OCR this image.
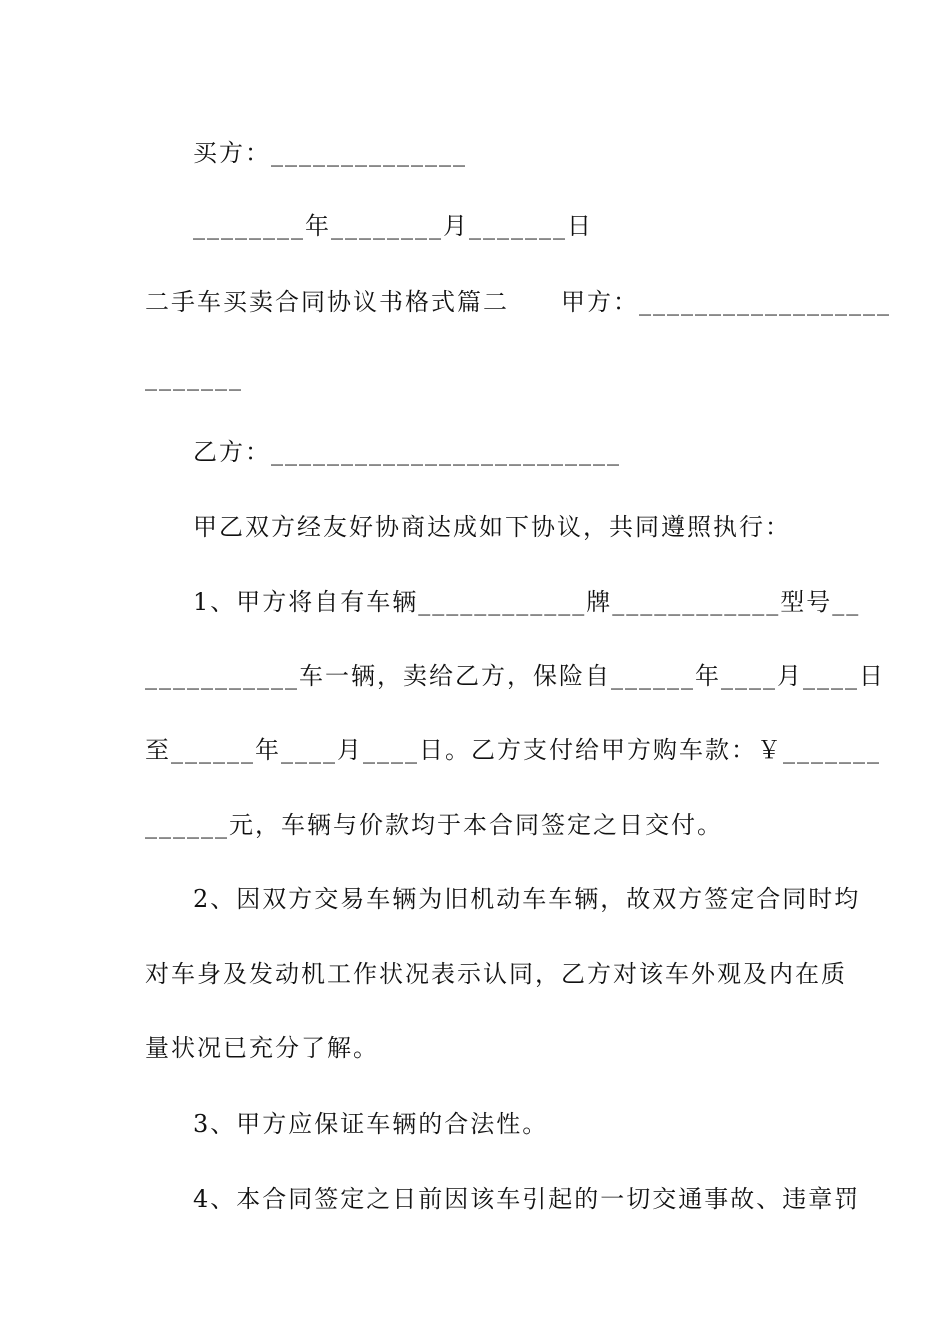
买方：______________
________年________月_______日
二手车买卖合同协议书格式篇二　　甲方：__________________
_______
乙方：_________________________
甲乙双方经友好协商达成如下协议，共同遵照执行：
1、甲方将自有车辆____________牌____________型号__
___________车一辆，卖给乙方，保险自______年____月____日
至______年____月____日。乙方支付给甲方购车款：￥_______
______元，车辆与价款均于本合同签定之日交付。
2、因双方交易车辆为旧机动车车辆，故双方签定合同时均
对车身及发动机工作状况表示认同，乙方对该车外观及内在质
量状况已充分了解。
3、甲方应保证车辆的合法性。
4、本合同签定之日前因该车引起的一切交通事故、违章罚
